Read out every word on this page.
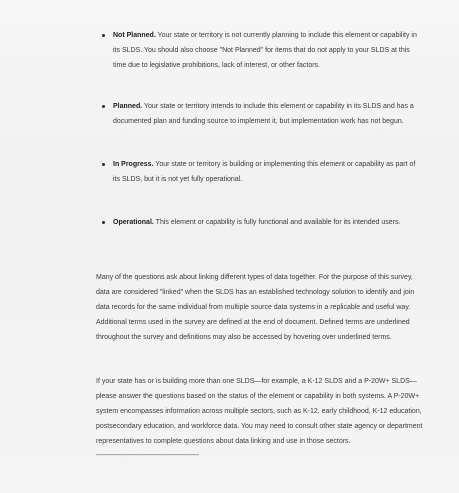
Not Planned. Your state or territory is not currently planning to include this element or capability in its SLDS. You should also choose "Not Planned" for items that do not apply to your SLDS at this time due to legislative prohibitions, lack of interest, or other factors.
Planned. Your state or territory intends to include this element or capability in its SLDS and has a documented plan and funding source to implement it, but implementation work has not begun.
In Progress. Your state or territory is building or implementing this element or capability as part of its SLDS, but it is not yet fully operational.
Operational. This element or capability is fully functional and available for its intended users.
Many of the questions ask about linking different types of data together. For the purpose of this survey, data are considered "linked" when the SLDS has an established technology solution to identify and join data records for the same individual from multiple source data systems in a replicable and useful way. Additional terms used in the survey are defined at the end of document. Defined terms are underlined throughout the survey and definitions may also be accessed by hovering over underlined terms.
If your state has or is building more than one SLDS—for example, a K-12 SLDS and a P-20W+ SLDS—please answer the questions based on the status of the element or capability in both systems. A P-20W+ system encompasses information across multiple sectors, such as K-12, early childhood, K-12 education, postsecondary education, and workforce data. You may need to consult other state agency or department representatives to complete questions about data linking and use in those sectors.
--------------------------------------------------------
